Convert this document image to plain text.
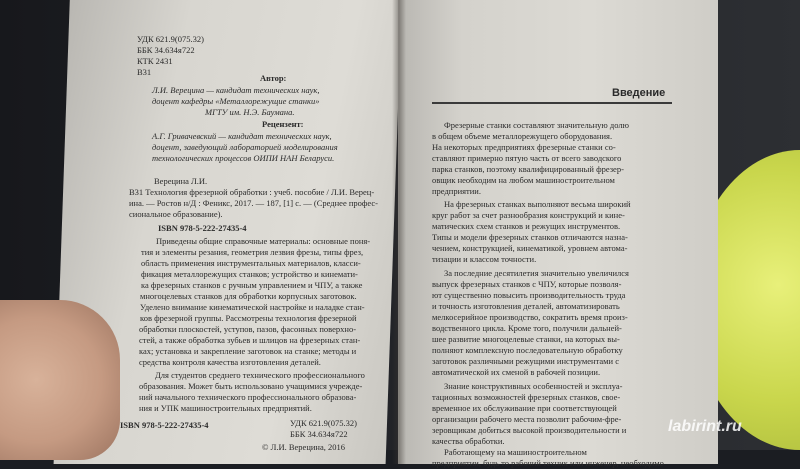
УДК 621.9(075.32)
ББК 34.634я722
КТК 2431
В31
Автор:
Л.И. Верецина — кандидат технических наук,
доцент кафедры «Металлорежущие станки»
МГТУ им. Н.Э. Баумана.
Рецензент:
А.Г. Гривачевский — кандидат технических наук,
доцент, заведующий лабораторией моделирования
технологических процессов ОИПИ НАН Беларуси.
Верецина Л.И.
В31 Технология фрезерной обработки : учеб. пособие / Л.И. Верец-
ина. — Ростов н/Д : Феникс, 2017. — 187, [1] с. — (Среднее профес-
сиональное образование).
ISBN 978-5-222-27435-4
Приведены общие справочные материалы: основные поня-
тия и элементы резания, геометрия лезвия фрезы, типы фрез,
область применения инструментальных материалов, класси-
фикация металлорежущих станков; устройство и кинемати-
ка фрезерных станков с ручным управлением и ЧПУ, а также
многоцелевых станков для обработки корпусных заготовок.
Уделено внимание кинематической настройке и наладке стан-
ков фрезерной группы. Рассмотрены технология фрезерной
обработки плоскостей, уступов, пазов, фасонных поверхно-
стей, а также обработка зубьев и шлицов на фрезерных стан-
ках; установка и закрепление заготовок на станке; методы и
средства контроля качества изготовления деталей.
Для студентов среднего технического профессионального
образования. Может быть использовано учащимися учрежде-
ний начального технического профессионального образова-
ния и УПК машиностроительных предприятий.
ISBN 978-5-222-27435-4	УДК 621.9(075.32)
ББК 34.634я722
© Л.И. Верецина, 2016
Введение
Фрезерные станки составляют значительную долю
в общем объеме металлорежущего оборудования.
На некоторых предприятиях фрезерные станки со-
ставляют примерно пятую часть от всего заводского
парка станков, поэтому квалифицированный фрезер-
овщик необходим на любом машиностроительном
предприятии.
На фрезерных станках выполняют весьма широкий
круг работ за счет разнообразия конструкций и кине-
матических схем станков и режущих инструментов.
Типы и модели фрезерных станков отличаются назна-
чением, конструкцией, кинематикой, уровнем автома-
тизации и классом точности.
За последние десятилетия значительно увеличился
выпуск фрезерных станков с ЧПУ, которые позволя-
ют существенно повысить производительность труда
и точность изготовления деталей, автоматизировать
мелкосерийное производство, сократить время произ-
водственного цикла. Кроме того, получили дальней-
шее развитие многоцелевые станки, на которых вы-
полняют комплексную последовательную обработку
заготовок различными режущими инструментами с
автоматической их сменой в рабочей позиции.
Знание конструктивных особенностей и эксплуа-
тационных возможностей фрезерных станков, свое-
временное их обслуживание при соответствующей
организации рабочего места позволит рабочим-фре-
зеровщикам добиться высокой производительности и
качества обработки.
Работающему на машиностроительном
предприятии, будь то рабочий техник или инженер, необходимо
labirint.ru
